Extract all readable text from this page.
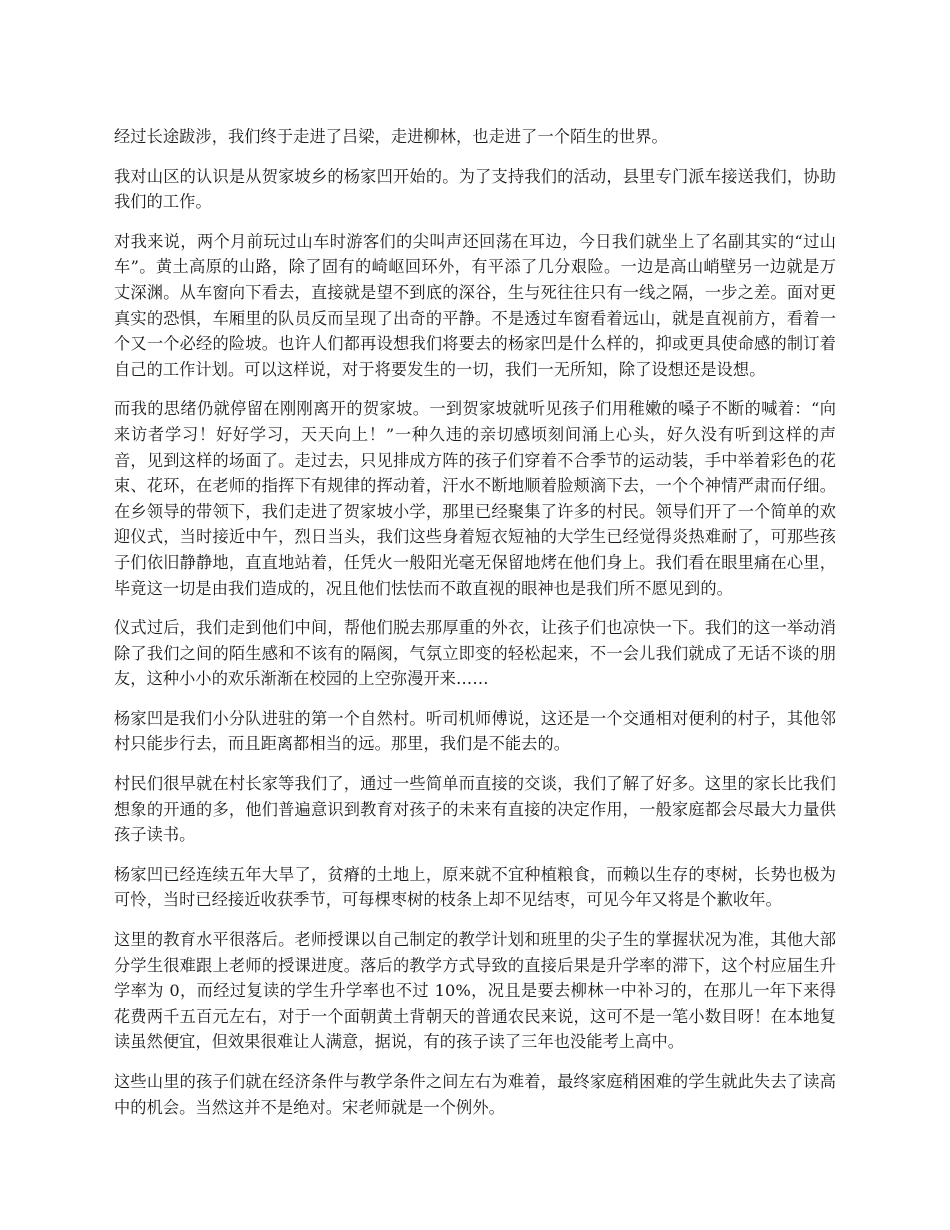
经过长途跋涉，我们终于走进了吕梁，走进柳林，也走进了一个陌生的世界。

我对山区的认识是从贺家坡乡的杨家凹开始的。为了支持我们的活动，县里专门派车接送我们，协助我们的工作。

对我来说，两个月前玩过山车时游客们的尖叫声还回荡在耳边，今日我们就坐上了名副其实的“过山车”。黄土高原的山路，除了固有的崎岖回环外，有平添了几分艰险。一边是高山峭壁另一边就是万丈深渊。从车窗向下看去，直接就是望不到底的深谷，生与死往往只有一线之隔，一步之差。面对更真实的恐惧，车厢里的队员反而呈现了出奇的平静。不是透过车窗看着远山，就是直视前方，看着一个又一个必经的险坡。也许人们都再设想我们将要去的杨家凹是什么样的，抑或更具使命感的制订着自己的工作计划。可以这样说，对于将要发生的一切，我们一无所知，除了设想还是设想。

而我的思绪仍就停留在刚刚离开的贺家坡。一到贺家坡就听见孩子们用稚嫩的嗓子不断的喊着：“向来访者学习！好好学习，天天向上！”一种久违的亲切感顷刻间涌上心头，好久没有听到这样的声音，见到这样的场面了。走过去，只见排成方阵的孩子们穿着不合季节的运动装，手中举着彩色的花束、花环，在老师的指挥下有规律的挥动着，汗水不断地顺着脸颊滴下去，一个个神情严肃而仔细。在乡领导的带领下，我们走进了贺家坡小学，那里已经聚集了许多的村民。领导们开了一个简单的欢迎仪式，当时接近中午，烈日当头，我们这些身着短衣短袖的大学生已经觉得炎热难耐了，可那些孩子们依旧静静地，直直地站着，任凭火一般阳光毫无保留地烤在他们身上。我们看在眼里痛在心里，毕竟这一切是由我们造成的，况且他们怯怯而不敢直视的眼神也是我们所不愿见到的。

仪式过后，我们走到他们中间，帮他们脱去那厚重的外衣，让孩子们也凉快一下。我们的这一举动消除了我们之间的陌生感和不该有的隔阂，气氛立即变的轻松起来，不一会儿我们就成了无话不谈的朋友，这种小小的欢乐渐渐在校园的上空弥漫开来……

杨家凹是我们小分队进驻的第一个自然村。听司机师傅说，这还是一个交通相对便利的村子，其他邻村只能步行去，而且距离都相当的远。那里，我们是不能去的。

村民们很早就在村长家等我们了，通过一些简单而直接的交谈，我们了解了好多。这里的家长比我们想象的开通的多，他们普遍意识到教育对孩子的未来有直接的决定作用，一般家庭都会尽最大力量供孩子读书。

杨家凹已经连续五年大旱了，贫瘠的土地上，原来就不宜种植粮食，而赖以生存的枣树，长势也极为可怜，当时已经接近收获季节，可每棵枣树的枝条上却不见结枣，可见今年又将是个歉收年。

这里的教育水平很落后。老师授课以自己制定的教学计划和班里的尖子生的掌握状况为准，其他大部分学生很难跟上老师的授课进度。落后的教学方式导致的直接后果是升学率的滞下，这个村应届生升学率为 0，而经过复读的学生升学率也不过 10%，况且是要去柳林一中补习的，在那儿一年下来得花费两千五百元左右，对于一个面朝黄土背朝天的普通农民来说，这可不是一笔小数目呀！在本地复读虽然便宜，但效果很难让人满意，据说，有的孩子读了三年也没能考上高中。

这些山里的孩子们就在经济条件与教学条件之间左右为难着，最终家庭稍困难的学生就此失去了读高中的机会。当然这并不是绝对。宋老师就是一个例外。
